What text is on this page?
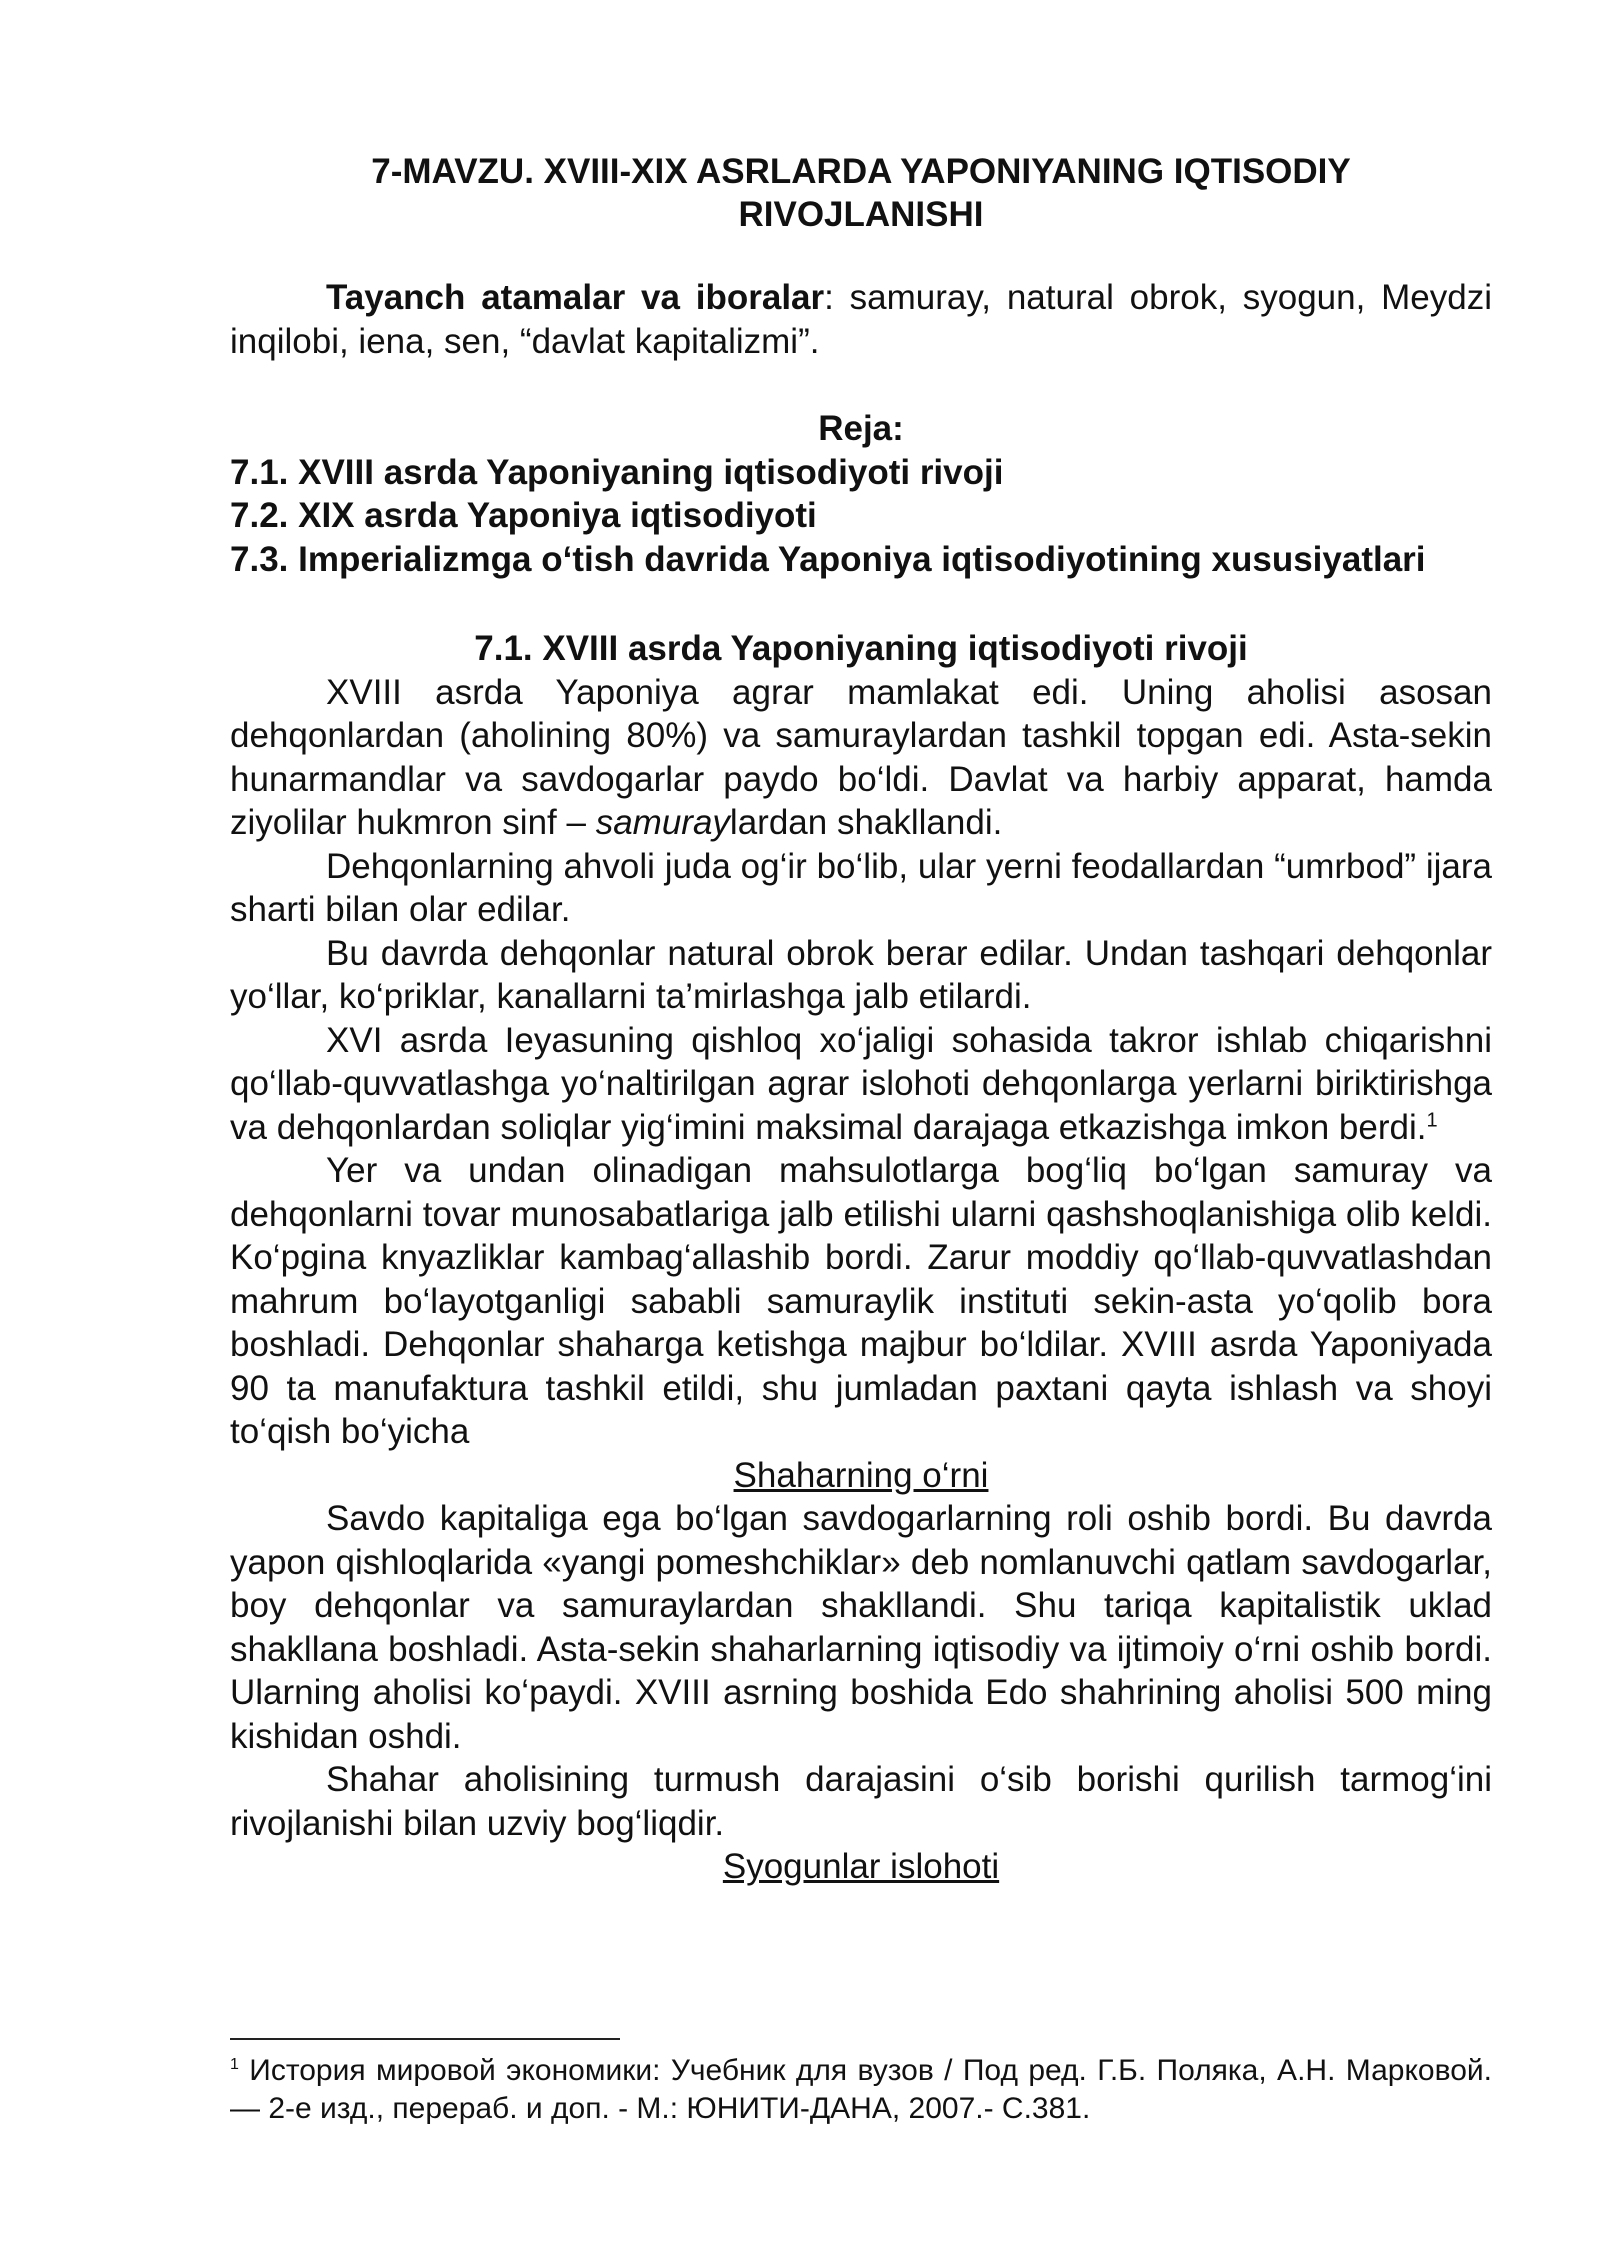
7-MAVZU. XVIII-XIX ASRLARDA YAPONIYANING IQTISODIY
RIVOJLANISHI

Tayanch atamalar va iboralar: samuray, natural obrok, syogun, Meydzi inqilobi, iena, sen, “davlat kapitalizmi”.

Reja:

7.1. XVIII asrda Yaponiyaning iqtisodiyoti rivoji

7.2. XIX asrda Yaponiya iqtisodiyoti

7.3. Imperializmga o‘tish davrida Yaponiya iqtisodiyotining xususiyatlari

7.1. XVIII asrda Yaponiyaning iqtisodiyoti rivoji

XVIII asrda Yaponiya agrar mamlakat edi. Uning aholisi asosan dehqonlardan (aholining 80%) va samuraylardan tashkil topgan edi. Asta-sekin hunarmandlar va savdogarlar paydo bo‘ldi. Davlat va harbiy apparat, hamda ziyolilar hukmron sinf – samuraylardan shakllandi.

Dehqonlarning ahvoli juda og‘ir bo‘lib, ular yerni feodallardan “umrbod” ijara sharti bilan olar edilar.

Bu davrda dehqonlar natural obrok berar edilar. Undan tashqari dehqonlar yo‘llar, ko‘priklar, kanallarni ta’mirlashga jalb etilardi.

XVI asrda Ieyasuning qishloq xo‘jaligi sohasida takror ishlab chiqarishni qo‘llab-quvvatlashga yo‘naltirilgan agrar islohoti dehqonlarga yerlarni biriktirishga va dehqonlardan soliqlar yig‘imini maksimal darajaga etkazishga imkon berdi.$^1$

Yer va undan olinadigan mahsulotlarga bog‘liq bo‘lgan samuray va dehqonlarni tovar munosabatlariga jalb etilishi ularni qashshoqlanishiga olib keldi. Ko‘pgina knyazliklar kambag‘allashib bordi. Zarur moddiy qo‘llab-quvvatlashdan mahrum bo‘layotganligi sababli samuraylik instituti sekin-asta yo‘qolib bora boshladi. Dehqonlar shaharga ketishga majbur bo‘ldilar. XVIII asrda Yaponiyada 90 ta manufaktura tashkil etildi, shu jumladan paxtani qayta ishlash va shoyi to‘qish bo‘yicha

Shaharning o‘rni

Savdo kapitaliga ega bo‘lgan savdogarlarning roli oshib bordi. Bu davrda yapon qishloqlarida «yangi pomeshchiklar» deb nomlanuvchi qatlam savdogarlar, boy dehqonlar va samuraylardan shakllandi. Shu tariqa kapitalistik uklad shakllana boshladi. Asta-sekin shaharlarning iqtisodiy va ijtimoiy o‘rni oshib bordi. Ularning aholisi ko‘paydi. XVIII asrning boshida Edo shahrining aholisi 500 ming kishidan oshdi.

Shahar aholisining turmush darajasini o‘sib borishi qurilish tarmog‘ini rivojlanishi bilan uzviy bog‘liqdir.

Syogunlar islohoti

$^1$ История мировой экономики: Учебник для вузов / Под ред. Г.Б. Поляка, А.Н. Марковой. — 2-е изд., перераб. и доп. - М.: ЮНИТИ-ДАНА, 2007.- С.381.
